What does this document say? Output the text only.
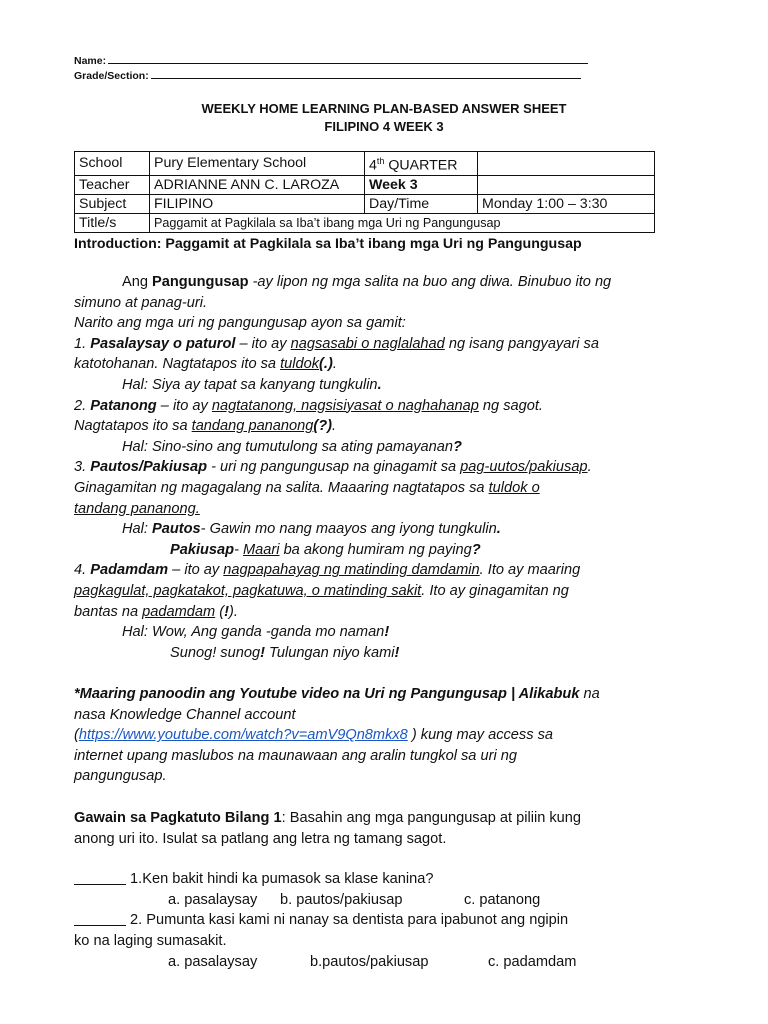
Name:
Grade/Section:
WEEKLY HOME LEARNING PLAN-BASED ANSWER SHEET
FILIPINO 4 WEEK 3
School	Pury Elementary School	4th QUARTER	
Teacher	ADRIANNE ANN C. LAROZA	Week 3	
Subject	FILIPINO	Day/Time	Monday 1:00 – 3:30
Title/s	Paggamit at Pagkilala sa Iba’t ibang mga Uri ng Pangungusap		
Introduction: Paggamit at Pagkilala sa Iba’t ibang mga Uri ng Pangungusap
Ang Pangungusap -ay lipon ng mga salita na buo ang diwa. Binubuo ito ng
simuno at panag-uri.
Narito ang mga uri ng pangungusap ayon sa gamit:
1. Pasalaysay o paturol – ito ay nagsasabi o naglalahad ng isang pangyayari sa
katotohanan. Nagtatapos ito sa tuldok(.).
Hal: Siya ay tapat sa kanyang tungkulin.
2. Patanong – ito ay nagtatanong, nagsisiyasat o naghahanap ng sagot.
Nagtatapos ito sa tandang pananong(?).
Hal: Sino-sino ang tumutulong sa ating pamayanan?
3. Pautos/Pakiusap - uri ng pangungusap na ginagamit sa pag-uutos/pakiusap.
Ginagamitan ng magagalang na salita. Maaaring nagtatapos sa tuldok o
tandang pananong.
Hal: Pautos- Gawin mo nang maayos ang iyong tungkulin.
Pakiusap- Maari ba akong humiram ng paying?
4. Padamdam – ito ay nagpapahayag ng matinding damdamin. Ito ay maaring
pagkagulat, pagkatakot, pagkatuwa, o matinding sakit. Ito ay ginagamitan ng
bantas na padamdam (!).
Hal: Wow, Ang ganda -ganda mo naman!
Sunog! sunog! Tulungan niyo kami!
*Maaring panoodin ang Youtube video na Uri ng Pangungusap | Alikabuk na
nasa Knowledge Channel account
(https://www.youtube.com/watch?v=amV9Qn8mkx8 ) kung may access sa
internet upang maslubos na maunawaan ang aralin tungkol sa uri ng
pangungusap.
Gawain sa Pagkatuto Bilang 1: Basahin ang mga pangungusap at piliin kung
anong uri ito. Isulat sa patlang ang letra ng tamang sagot.
1.Ken bakit hindi ka pumasok sa klase kanina?
a. pasalaysay b. pautos/pakiusap	c. patanong
2. Pumunta kasi kami ni nanay sa dentista para ipabunot ang ngipin
ko na laging sumasakit.
a. pasalaysay	b.pautos/pakiusap	c. padamdam
